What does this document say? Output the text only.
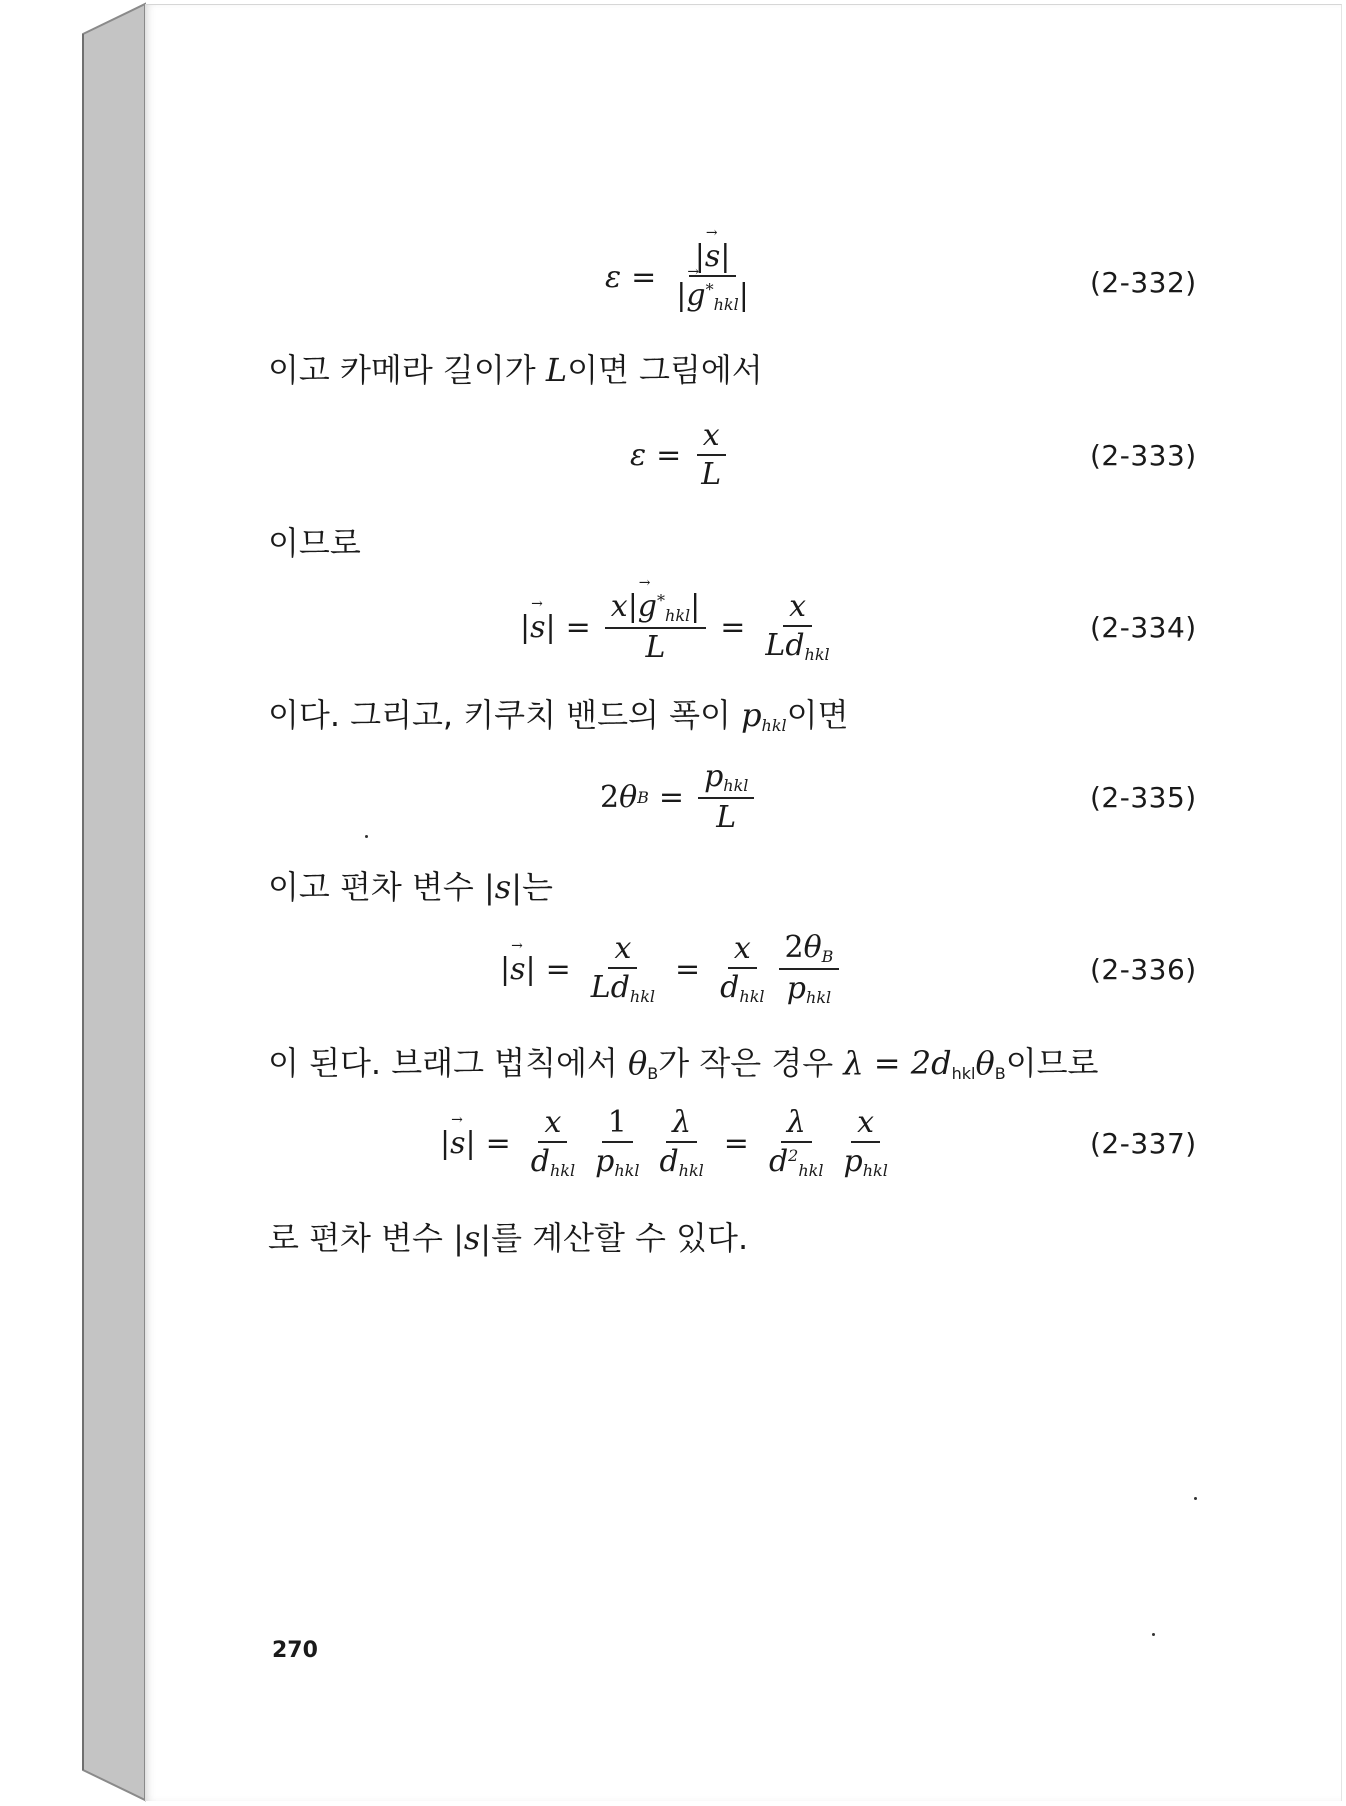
$\varepsilon = \frac{|\to s|}{|\to g^*_{hkl}|}$	(2-332)
이고 카메라 길이가 L이면 그림에서
$\varepsilon = \frac{x}{L}$	(2-333)
이므로
| → s | = $\frac{x|\to g^*_{hkl}|}{L} = \frac{x}{Ld_{hkl}}$	(2-334)
이다. 그리고, 키쿠치 밴드의 폭이 $p_{hkl}$이면
2 θ $B = \frac{p_{hkl}}{L}$	(2-335)
이고 편차 변수 |s|는
| → s | = $\frac{x}{Ld_{hkl}} = \frac{x}{d_{hkl}} \frac{2\theta_B}{p_{hkl}}$	(2-336)
이 된다. 브래그 법칙에서 $\theta_B$가 작은 경우 $\lambda = 2d_{hkl}\theta_B$이므로
| → s | = $\frac{x}{d_{hkl}} \frac{1}{p_{hkl}} \frac{\lambda}{d_{hkl}} = \frac{\lambda}{d^2_{hkl}} \frac{x}{p_{hkl}}$	(2-337)
로 편차 변수 |s|를 계산할 수 있다.
270
